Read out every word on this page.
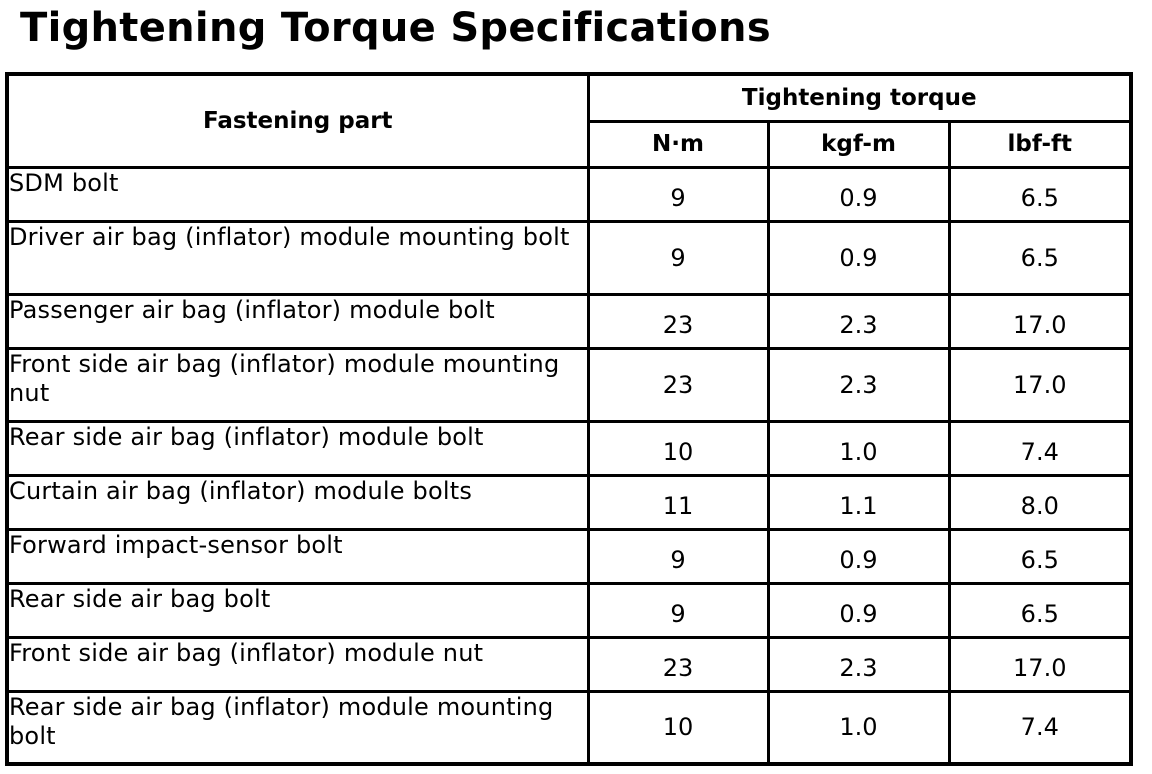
Tightening Torque Specifications
Fastening part	Tightening torque		
	N·m	kgf-m	lbf-ft
SDM bolt	9	0.9	6.5
Driver air bag (inflator) module mounting bolt	9	0.9	6.5
Passenger air bag (inflator) module bolt	23	2.3	17.0
Front side air bag (inflator) module mounting nut	23	2.3	17.0
Rear side air bag (inflator) module bolt	10	1.0	7.4
Curtain air bag (inflator) module bolts	11	1.1	8.0
Forward impact-sensor bolt	9	0.9	6.5
Rear side air bag bolt	9	0.9	6.5
Front side air bag (inflator) module nut	23	2.3	17.0
Rear side air bag (inflator) module mounting bolt	10	1.0	7.4
